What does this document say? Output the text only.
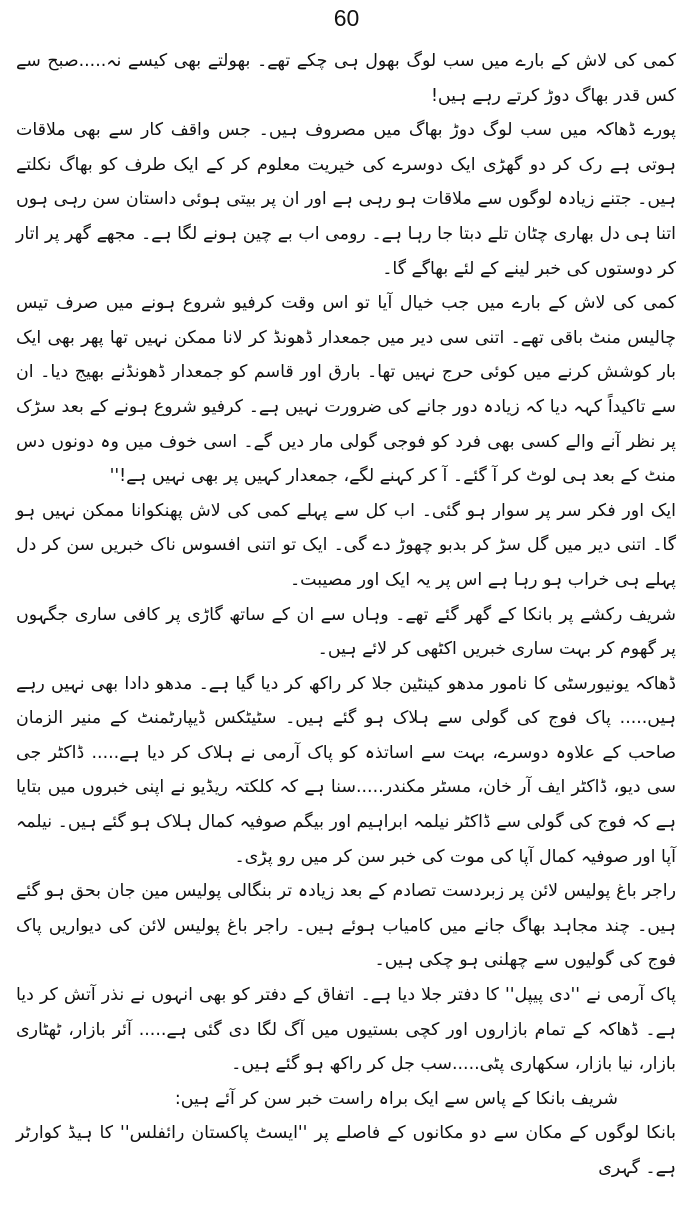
60

کمی کی لاش کے بارے میں سب لوگ بھول ہی چکے تھے۔ بھولتے بھی کیسے نہ.....صبح سے کس قدر بھاگ دوڑ کرتے رہے ہیں!

پورے ڈھاکہ میں سب لوگ دوڑ بھاگ میں مصروف ہیں۔ جس واقف کار سے بھی ملاقات ہوتی ہے رک کر دو گھڑی ایک دوسرے کی خیریت معلوم کر کے ایک طرف کو بھاگ نکلتے ہیں۔ جتنے زیادہ لوگوں سے ملاقات ہو رہی ہے اور ان پر بیتی ہوئی داستان سن رہی ہوں اتنا ہی دل بھاری چٹان تلے دبتا جا رہا ہے۔ رومی اب بے چین ہونے لگا ہے۔ مجھے گھر پر اتار کر دوستوں کی خبر لینے کے لئے بھاگے گا۔

کمی کی لاش کے بارے میں جب خیال آیا تو اس وقت کرفیو شروع ہونے میں صرف تیس چالیس منٹ باقی تھے۔ اتنی سی دیر میں جمعدار ڈھونڈ کر لانا ممکن نہیں تھا پھر بھی ایک بار کوشش کرنے میں کوئی حرج نہیں تھا۔ بارق اور قاسم کو جمعدار ڈھونڈنے بھیج دیا۔ ان سے تاکیداً کہہ دیا کہ زیادہ دور جانے کی ضرورت نہیں ہے۔ کرفیو شروع ہونے کے بعد سڑک پر نظر آنے والے کسی بھی فرد کو فوجی گولی مار دیں گے۔ اسی خوف میں وہ دونوں دس منٹ کے بعد ہی لوٹ کر آ گئے۔ آ کر کہنے لگے، جمعدار کہیں پر بھی نہیں ہے!''

ایک اور فکر سر پر سوار ہو گئی۔ اب کل سے پہلے کمی کی لاش پھنکوانا ممکن نہیں ہو گا۔ اتنی دیر میں گل سڑ کر بدبو چھوڑ دے گی۔ ایک تو اتنی افسوس ناک خبریں سن کر دل پہلے ہی خراب ہو رہا ہے اس پر یہ ایک اور مصیبت۔

شریف رکشے پر بانکا کے گھر گئے تھے۔ وہاں سے ان کے ساتھ گاڑی پر کافی ساری جگہوں پر گھوم کر بہت ساری خبریں اکٹھی کر لائے ہیں۔

ڈھاکہ یونیورسٹی کا نامور مدھو کینٹین جلا کر راکھ کر دیا گیا ہے۔ مدھو دادا بھی نہیں رہے ہیں..... پاک فوج کی گولی سے ہلاک ہو گئے ہیں۔ سٹیٹکس ڈیپارٹمنٹ کے منیر الزمان صاحب کے علاوہ دوسرے، بہت سے اساتذہ کو پاک آرمی نے ہلاک کر دیا ہے..... ڈاکٹر جی سی دیو، ڈاکٹر ایف آر خان، مسٹر مکندر.....سنا ہے کہ کلکتہ ریڈیو نے اپنی خبروں میں بتایا ہے کہ فوج کی گولی سے ڈاکٹر نیلمہ ابراہیم اور بیگم صوفیہ کمال ہلاک ہو گئے ہیں۔ نیلمہ آپا اور صوفیہ کمال آپا کی موت کی خبر سن کر میں رو پڑی۔

راجر باغ پولیس لائن پر زبردست تصادم کے بعد زیادہ تر بنگالی پولیس مین جان بحق ہو گئے ہیں۔ چند مجاہد بھاگ جانے میں کامیاب ہوئے ہیں۔ راجر باغ پولیس لائن کی دیواریں پاک فوج کی گولیوں سے چھلنی ہو چکی ہیں۔

پاک آرمی نے ''دی پیپل'' کا دفتر جلا دیا ہے۔ اتفاق کے دفتر کو بھی انہوں نے نذر آتش کر دیا ہے۔ ڈھاکہ کے تمام بازاروں اور کچی بستیوں میں آگ لگا دی گئی ہے..... آئر بازار، ٹھٹاری بازار، نیا بازار، سکھاری پٹی.....سب جل کر راکھ ہو گئے ہیں۔

شریف بانکا کے پاس سے ایک براہ راست خبر سن کر آئے ہیں:

بانکا لوگوں کے مکان سے دو مکانوں کے فاصلے پر ''ایسٹ پاکستان رائفلس'' کا ہیڈ کوارٹر ہے۔ گہری
